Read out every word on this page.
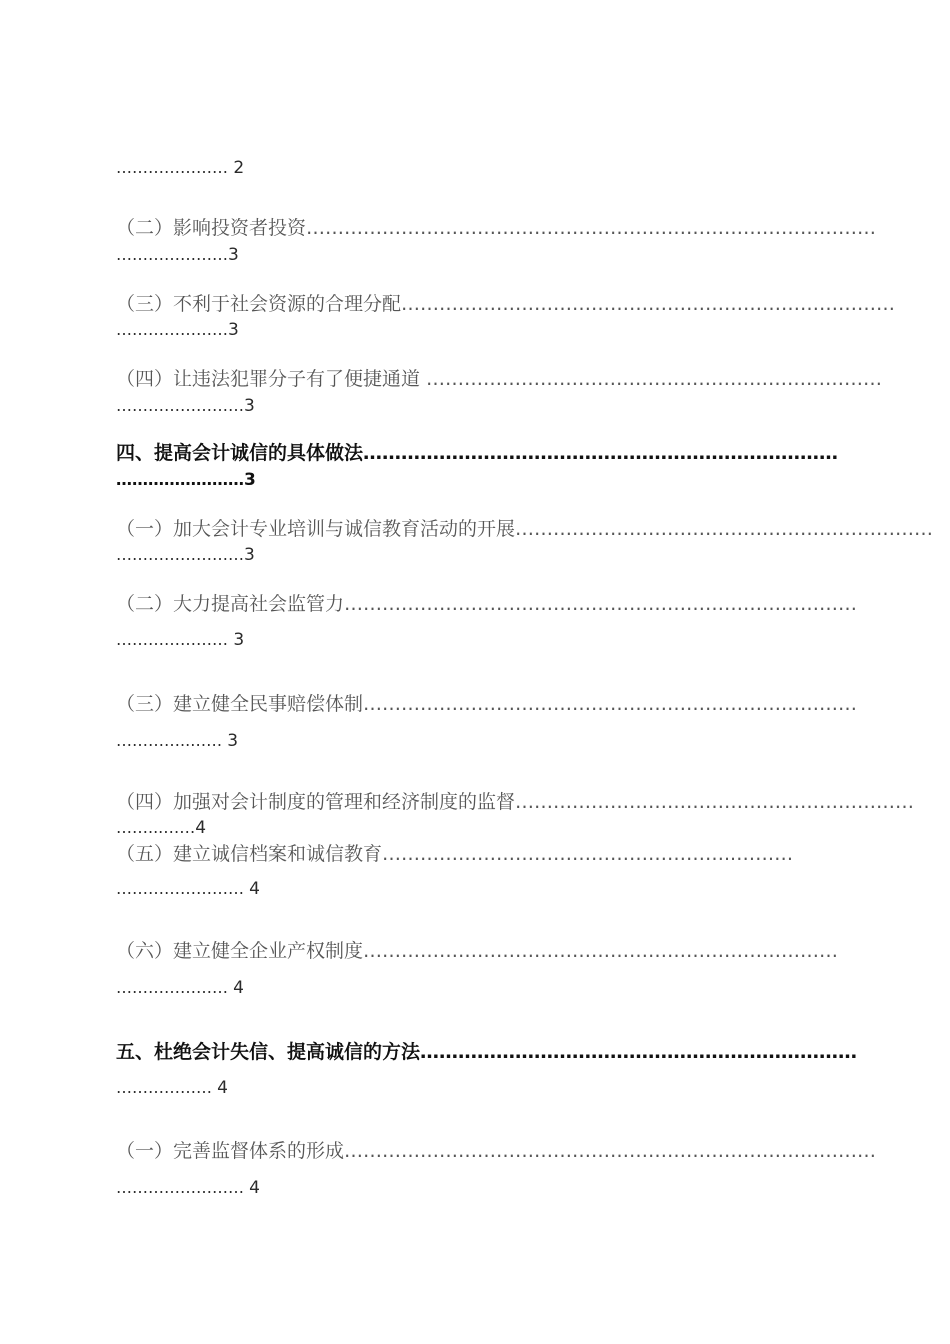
………………… 2
（二）影响投资者投资………………………………………………………………………………
…………………3
（三）不利于社会资源的合理分配……………………………………………………………………
…………………3
（四）让违法犯罪分子有了便捷通道 ………………………………………………………………
……………………3
四、提高会计诚信的具体做法…………………………………………………………………
……………………3
（一）加大会计专业培训与诚信教育活动的开展…………………………………………………………
……………………3
（二）大力提高社会监管力………………………………………………………………………
………………… 3
（三）建立健全民事赔偿体制……………………………………………………………………
…………..…… 3
（四）加强对会计制度的管理和经济制度的监督………………………………………………………
……...……4
（五）建立诚信档案和诚信教育………………………………………………..………
…………………… 4
（六）建立健全企业产权制度…………………………………………………………………
………………… 4
五、杜绝会计失信、提高诚信的方法……………………………………………………………
……………… 4
（一）完善监督体系的形成…………………………………………………………………………
…………………… 4
